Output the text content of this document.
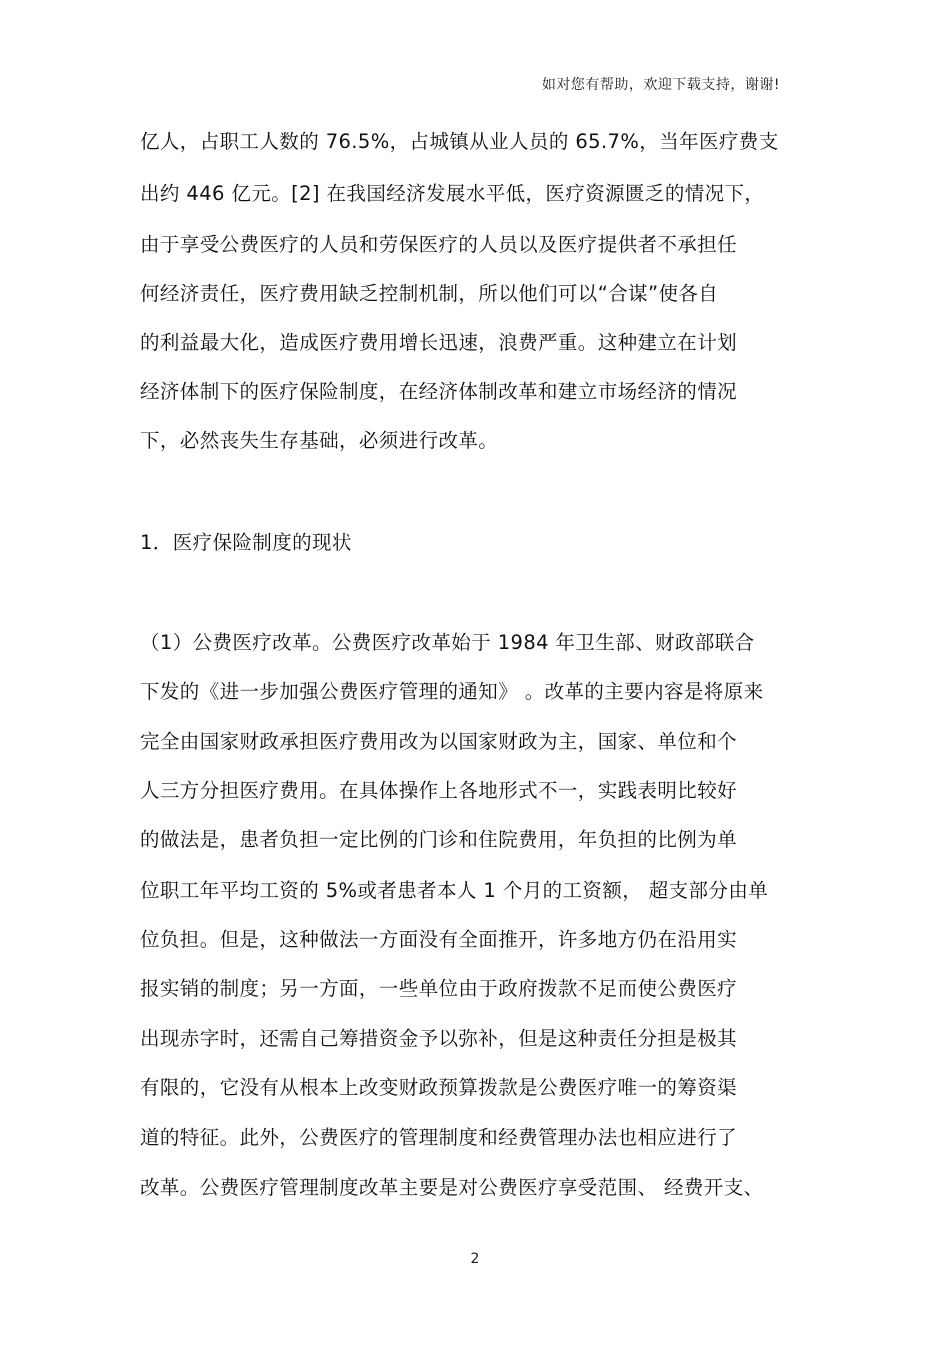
如对您有帮助，欢迎下载支持，谢谢!
亿人，占职工人数的 76.5%，占城镇从业人员的 65.7%，当年医疗费支
出约 446 亿元。[2] 在我国经济发展水平低，医疗资源匮乏的情况下，
由于享受公费医疗的人员和劳保医疗的人员以及医疗提供者不承担任
何经济责任，医疗费用缺乏控制机制，所以他们可以“合谋”使各自
的利益最大化，造成医疗费用增长迅速，浪费严重。这种建立在计划
经济体制下的医疗保险制度，在经济体制改革和建立市场经济的情况
下，必然丧失生存基础，必须进行改革。
1．医疗保险制度的现状
（1）公费医疗改革。公费医疗改革始于 1984 年卫生部、财政部联合
下发的《进一步加强公费医疗管理的通知》 。改革的主要内容是将原来
完全由国家财政承担医疗费用改为以国家财政为主，国家、单位和个
人三方分担医疗费用。在具体操作上各地形式不一，实践表明比较好
的做法是，患者负担一定比例的门诊和住院费用，年负担的比例为单
位职工年平均工资的 5%或者患者本人 1 个月的工资额， 超支部分由单
位负担。但是，这种做法一方面没有全面推开，许多地方仍在沿用实
报实销的制度；另一方面，一些单位由于政府拨款不足而使公费医疗
出现赤字时，还需自己筹措资金予以弥补，但是这种责任分担是极其
有限的，它没有从根本上改变财政预算拨款是公费医疗唯一的筹资渠
道的特征。此外，公费医疗的管理制度和经费管理办法也相应进行了
改革。公费医疗管理制度改革主要是对公费医疗享受范围、 经费开支、
2
